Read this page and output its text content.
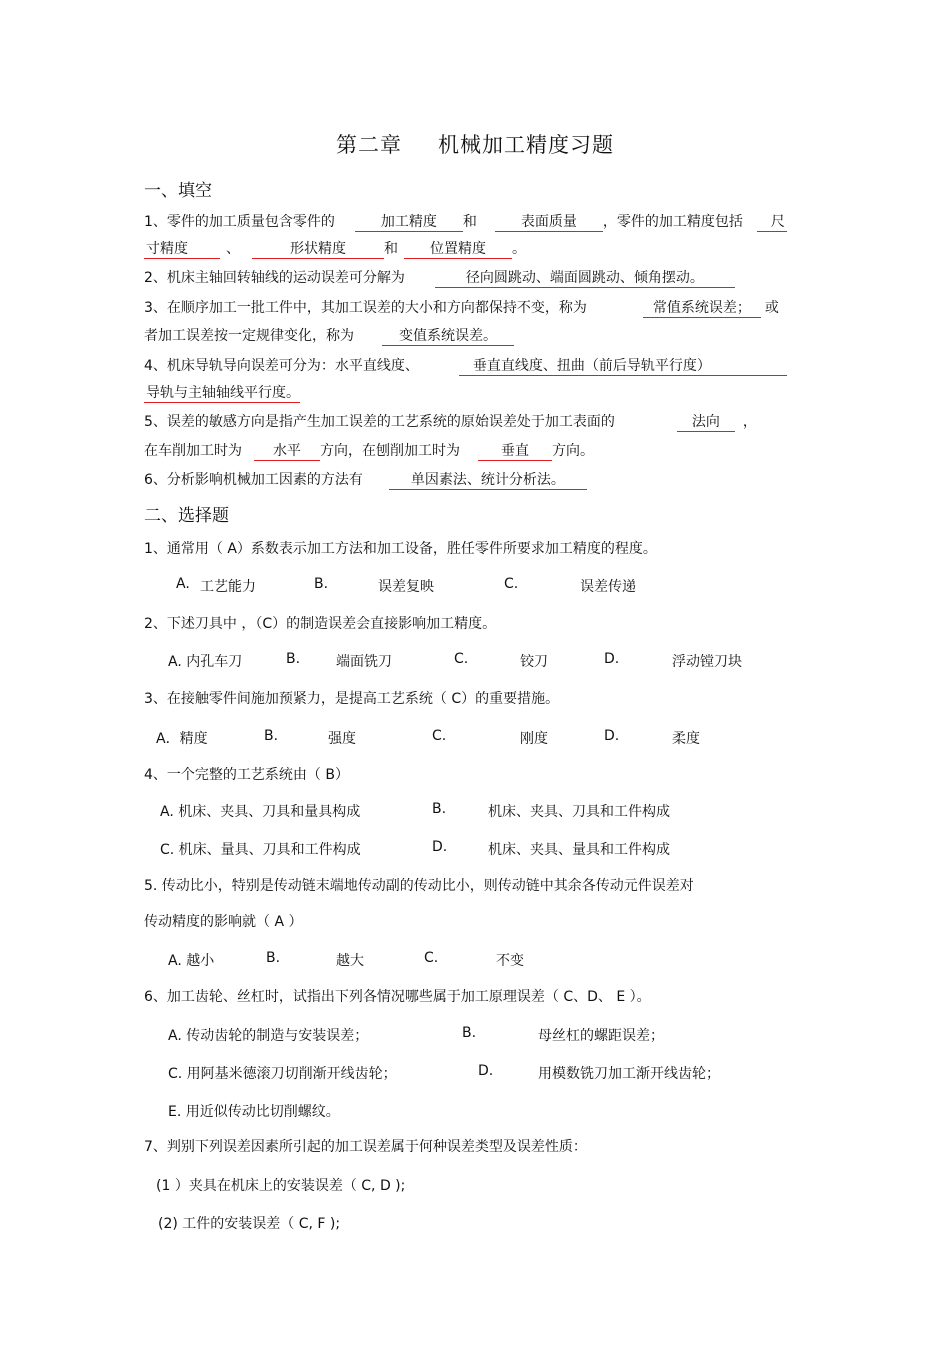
第二章 机械加工精度习题
一、填空
1、零件的加工质量包含零件的	加工精度 和	表面质量 ，零件的加工精度包括 尺
寸精度	、	形状精度	和 位置精度 。
2、机床主轴回转轴线的运动误差可分解为	径向圆跳动、端面圆跳动、倾角摆动。
3、在顺序加工一批工件中，其加工误差的大小和方向都保持不变，称为	常值系统误差； 或
者加工误差按一定规律变化，称为	变值系统误差。
4、机床导轨导向误差可分为：水平直线度、	垂直直线度、扭曲（前后导轨平行度）
导轨与主轴轴线平行度。
5、误差的敏感方向是指产生加工误差的工艺系统的原始误差处于加工表面的	法向 ，
在车削加工时为 水平 方向，在刨削加工时为	垂直 方向。
6、分析影响机械加工因素的方法有	单因素法、统计分析法。
二、选择题
1、通常用（ A）系数表示加工方法和加工设备，胜任零件所要求加工精度的程度。
A. 工艺能力	B.	误差复映	C.	误差传递
2、下述刀具中 ，（C）的制造误差会直接影响加工精度。
A. 内孔车刀	B.	端面铣刀	C.	铰刀	D.	浮动镗刀块
3、在接触零件间施加预紧力，是提高工艺系统（ C）的重要措施。
A．精度	B.	强度	C.	刚度	D.	柔度
4、一个完整的工艺系统由（ B）
A. 机床、夹具、刀具和量具构成	B.	机床、夹具、刀具和工件构成
C. 机床、量具、刀具和工件构成	D.	机床、夹具、量具和工件构成
5. 传动比小，特别是传动链末端地传动副的传动比小，则传动链中其余各传动元件误差对
传动精度的影响就（ A ）
A. 越小	B.	越大	C.	不变
6、加工齿轮、丝杠时，试指出下列各情况哪些属于加工原理误差（ C、D、 E ）。
A. 传动齿轮的制造与安装误差；	B.	母丝杠的螺距误差；
C. 用阿基米德滚刀切削渐开线齿轮；	D.	用模数铣刀加工渐开线齿轮；
E. 用近似传动比切削螺纹。
7、判别下列误差因素所引起的加工误差属于何种误差类型及误差性质：
(1 ）夹具在机床上的安装误差（ C, D );
(2) 工件的安装误差（ C, F );
